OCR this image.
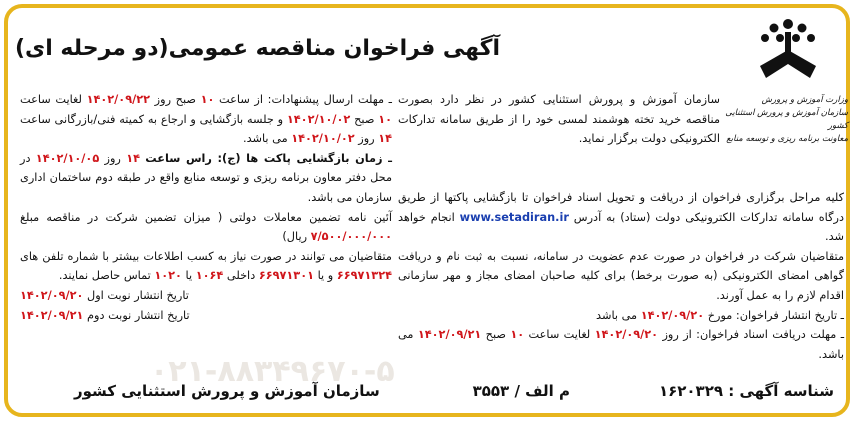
آگهی فراخوان مناقصه عمومی(دو مرحله ای)
وزارت آموزش و پرورش
سازمان آموزش و پرورش استثنایی کشور
معاونت برنامه ریزی و توسعه منابع

سازمان آموزش و پرورش استثنایی کشور در نظر دارد بصورت مناقصه خرید تخته هوشمند لمسی خود را از طریق سامانه تدارکات الکترونیکی دولت برگزار نماید.

کلیه مراحل برگزاری فراخوان از دریافت و تحویل اسناد فراخوان تا بازگشایی پاکتها از طریق درگاه سامانه تدارکات الکترونیکی دولت (ستاد) به آدرس www.setadiran.ir انجام خواهد شد.

متقاضیان شرکت در فراخوان در صورت عدم عضویت در سامانه، نسبت به ثبت نام و دریافت گواهی امضای الکترونیکی (به صورت برخط) برای کلیه صاحبان امضای مجاز و مهر سازمانی اقدام لازم را به عمل آورند.

ـ تاریخ انتشار فراخوان: مورخ ۱۴۰۲/۰۹/۲۰ می باشد

ـ مهلت دریافت اسناد فراخوان: از روز ۱۴۰۲/۰۹/۲۰ لغایت ساعت ۱۰ صبح ۱۴۰۲/۰۹/۲۱ می باشد.

ـ مهلت ارسال پیشنهادات: از ساعت ۱۰ صبح روز ۱۴۰۲/۰۹/۲۲ لغایت ساعت ۱۰ صبح ۱۴۰۲/۱۰/۰۲ و جلسه بازگشایی و ارجاع به کمیته فنی/بازرگانی ساعت ۱۴ روز ۱۴۰۲/۱۰/۰۲ می باشد.

ـ زمان بازگشایی پاکت ها (ج): راس ساعت ۱۴ روز ۱۴۰۲/۱۰/۰۵ در محل دفتر معاون برنامه ریزی و توسعه منابع واقع در طبقه دوم ساختمان اداری سازمان می باشد.

آئین نامه تضمین معاملات دولتی ( میزان تضمین شرکت در مناقصه مبلغ ۷/۵۰۰/۰۰۰/۰۰۰ ریال)

متقاضیان می توانند در صورت نیاز به کسب اطلاعات بیشتر با شماره تلفن های ۶۶۹۷۱۳۲۴ و یا ۶۶۹۷۱۳۰۱ داخلی ۱۰۶۴ یا ۱۰۲۰ تماس حاصل نمایند.

تاریخ انتشار نوبت اول ۱۴۰۲/۰۹/۲۰

تاریخ انتشار نوبت دوم ۱۴۰۲/۰۹/۲۱

۰۲۱-۸۸۳۴۹۶۷۰-۵
شناسه آگهی : ۱۶۲۰۳۲۹
م الف / ۳۵۵۳
سازمان آموزش و پرورش استثنایی کشور
